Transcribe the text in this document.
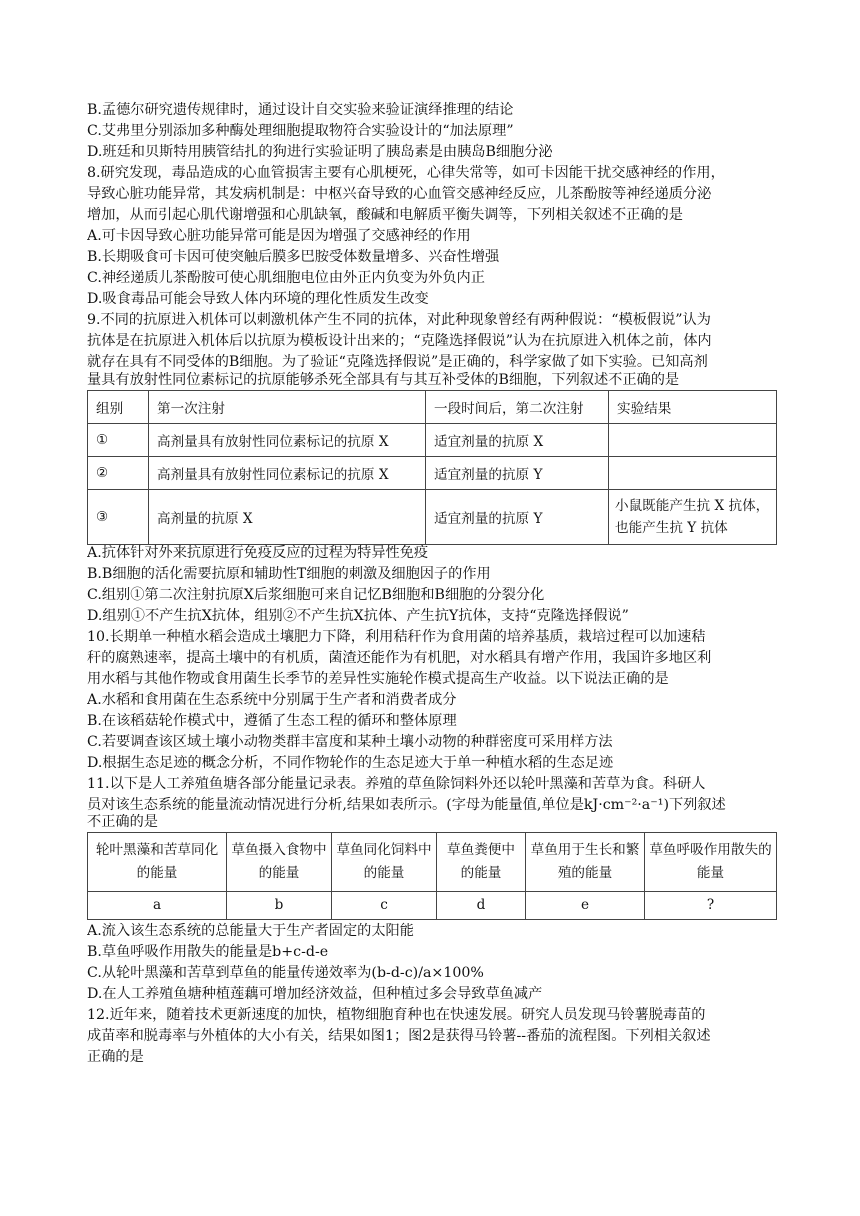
B.孟德尔研究遗传规律时，通过设计自交实验来验证演绎推理的结论
C.艾弗里分别添加多种酶处理细胞提取物符合实验设计的“加法原理”
D.班廷和贝斯特用胰管结扎的狗进行实验证明了胰岛素是由胰岛B细胞分泌
8.研究发现，毒品造成的心血管损害主要有心肌梗死，心律失常等，如可卡因能干扰交感神经的作用，
导致心脏功能异常，其发病机制是：中枢兴奋导致的心血管交感神经反应，儿茶酚胺等神经递质分泌
增加，从而引起心肌代谢增强和心肌缺氧，酸碱和电解质平衡失调等，下列相关叙述不正确的是
A.可卡因导致心脏功能异常可能是因为增强了交感神经的作用
B.长期吸食可卡因可使突触后膜多巴胺受体数量增多、兴奋性增强
C.神经递质儿茶酚胺可使心肌细胞电位由外正内负变为外负内正
D.吸食毒品可能会导致人体内环境的理化性质发生改变
9.不同的抗原进入机体可以刺激机体产生不同的抗体，对此种现象曾经有两种假说：“模板假说”认为
抗体是在抗原进入机体后以抗原为模板设计出来的；“克隆选择假说”认为在抗原进入机体之前，体内
就存在具有不同受体的B细胞。为了验证“克隆选择假说”是正确的，科学家做了如下实验。已知高剂
量具有放射性同位素标记的抗原能够杀死全部具有与其互补受体的B细胞，下列叙述不正确的是
组别	第一次注射	一段时间后，第二次注射	实验结果
①	高剂量具有放射性同位素标记的抗原 X	适宜剂量的抗原 X	
②	高剂量具有放射性同位素标记的抗原 X	适宜剂量的抗原 Y	
③	高剂量的抗原 X	适宜剂量的抗原 Y	小鼠既能产生抗 X 抗体，也能产生抗 Y 抗体
A.抗体针对外来抗原进行免疫反应的过程为特异性免疫
B.B细胞的活化需要抗原和辅助性T细胞的刺激及细胞因子的作用
C.组别①第二次注射抗原X后浆细胞可来自记忆B细胞和B细胞的分裂分化
D.组别①不产生抗X抗体，组别②不产生抗X抗体、产生抗Y抗体，支持“克隆选择假说”
10.长期单一种植水稻会造成土壤肥力下降，利用秸秆作为食用菌的培养基质，栽培过程可以加速秸
秆的腐熟速率，提高土壤中的有机质，菌渣还能作为有机肥，对水稻具有增产作用，我国许多地区利
用水稻与其他作物或食用菌生长季节的差异性实施轮作模式提高生产收益。以下说法正确的是
A.水稻和食用菌在生态系统中分别属于生产者和消费者成分
B.在该稻菇轮作模式中，遵循了生态工程的循环和整体原理
C.若要调查该区域土壤小动物类群丰富度和某种土壤小动物的种群密度可采用样方法
D.根据生态足迹的概念分析，不同作物轮作的生态足迹大于单一种植水稻的生态足迹
11.以下是人工养殖鱼塘各部分能量记录表。养殖的草鱼除饲料外还以轮叶黑藻和苦草为食。科研人
员对该生态系统的能量流动情况进行分析,结果如表所示。(字母为能量值,单位是kJ·cm⁻²·a⁻¹)下列叙述
不正确的是
轮叶黑藻和苦草同化的能量	草鱼摄入食物中的能量	草鱼同化饲料中的能量	草鱼粪便中的能量	草鱼用于生长和繁殖的能量	草鱼呼吸作用散失的能量
a	b	c	d	e	?
A.流入该生态系统的总能量大于生产者固定的太阳能
B.草鱼呼吸作用散失的能量是b+c-d-e
C.从轮叶黑藻和苦草到草鱼的能量传递效率为(b-d-c)/a×100%
D.在人工养殖鱼塘种植莲藕可增加经济效益，但种植过多会导致草鱼减产
12.近年来，随着技术更新速度的加快，植物细胞育种也在快速发展。研究人员发现马铃薯脱毒苗的
成苗率和脱毒率与外植体的大小有关，结果如图1；图2是获得马铃薯--番茄的流程图。下列相关叙述
正确的是
